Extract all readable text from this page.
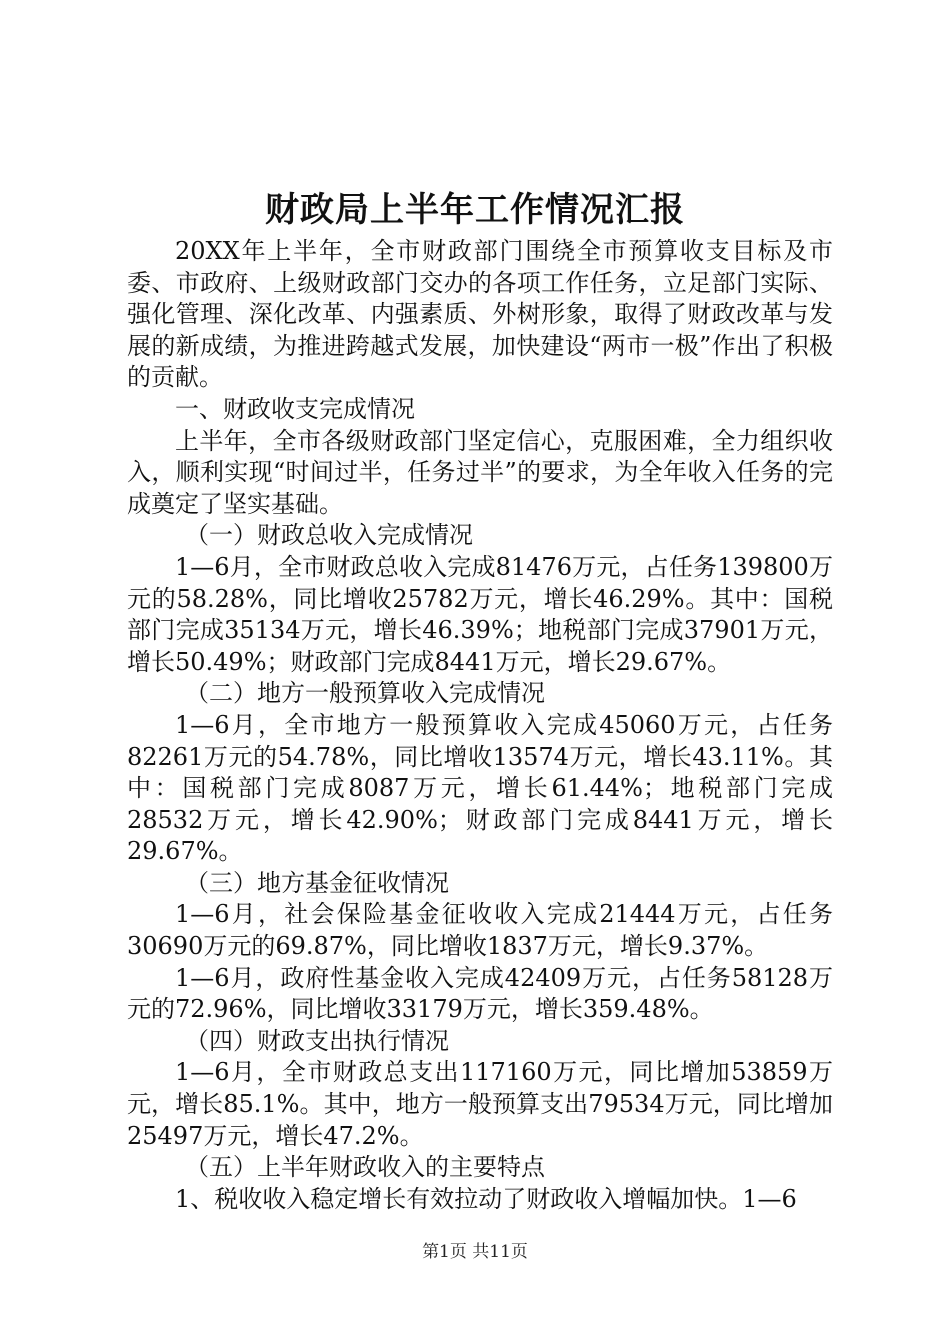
财政局上半年工作情况汇报

20XX年上半年，全市财政部门围绕全市预算收支目标及市委、市政府、上级财政部门交办的各项工作任务，立足部门实际、强化管理、深化改革、内强素质、外树形象，取得了财政改革与发展的新成绩，为推进跨越式发展，加快建设“两市一极”作出了积极的贡献。

一、财政收支完成情况

上半年，全市各级财政部门坚定信心，克服困难，全力组织收入，顺利实现“时间过半，任务过半”的要求，为全年收入任务的完成奠定了坚实基础。

（一）财政总收入完成情况

1—6月，全市财政总收入完成81476万元，占任务139800万元的58.28%，同比增收25782万元，增长46.29%。其中：国税部门完成35134万元，增长46.39%；地税部门完成37901万元，增长50.49%；财政部门完成8441万元，增长29.67%。

（二）地方一般预算收入完成情况

1—6月，全市地方一般预算收入完成45060万元，占任务82261万元的54.78%，同比增收13574万元，增长43.11%。其中：国税部门完成8087万元，增长61.44%；地税部门完成28532万元，增长42.90%；财政部门完成8441万元，增长29.67%。

（三）地方基金征收情况

1—6月，社会保险基金征收收入完成21444万元，占任务30690万元的69.87%，同比增收1837万元，增长9.37%。

1—6月，政府性基金收入完成42409万元，占任务58128万元的72.96%，同比增收33179万元，增长359.48%。

（四）财政支出执行情况

1—6月，全市财政总支出117160万元，同比增加53859万元，增长85.1%。其中，地方一般预算支出79534万元，同比增加25497万元，增长47.2%。

（五）上半年财政收入的主要特点

1、税收收入稳定增长有效拉动了财政收入增幅加快。1—6

第1页 共11页
